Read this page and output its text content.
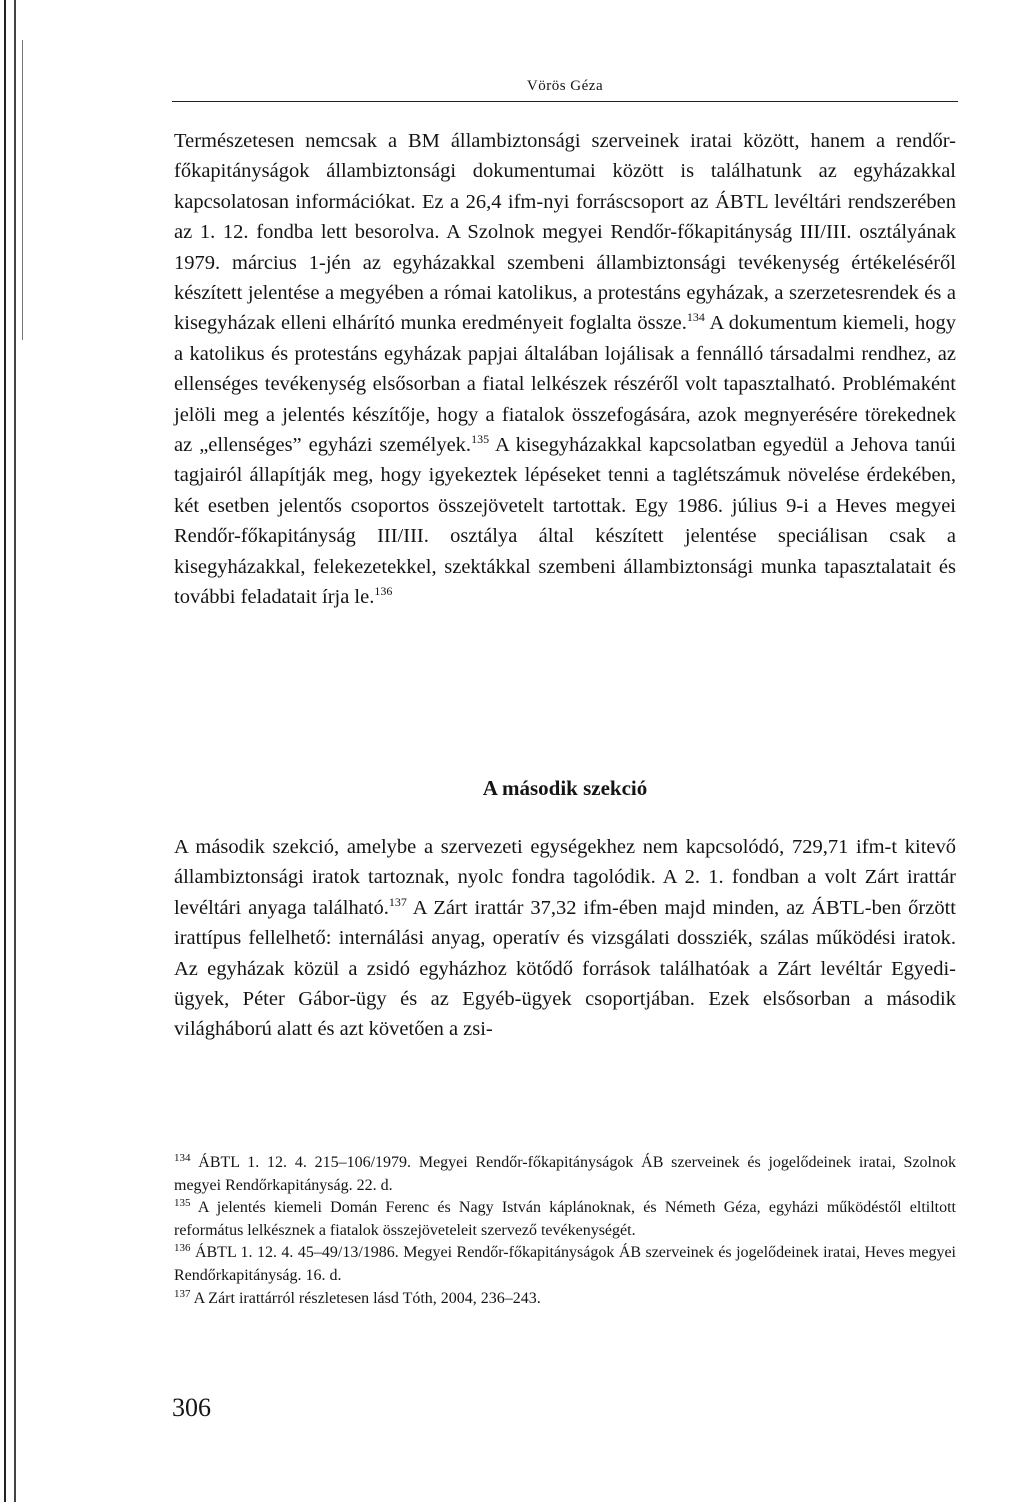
Vörös Géza
Természetesen nemcsak a BM állambiztonsági szerveinek iratai között, hanem a rendőr-főkapitányságok állambiztonsági dokumentumai között is találhatunk az egyházakkal kapcsolatosan információkat. Ez a 26,4 ifm-nyi forráscsoport az ÁBTL levéltári rendszerében az 1. 12. fondba lett besorolva. A Szolnok megyei Rendőr-főkapitányság III/III. osztályának 1979. március 1-jén az egyházakkal szembeni állambiztonsági tevékenység értékeléséről készített jelentése a megyében a római katolikus, a protestáns egyházak, a szerzetesrendek és a kisegyházak elleni elhárító munka eredményeit foglalta össze.$^{134}$ A dokumentum kiemeli, hogy a katolikus és protestáns egyházak papjai általában lojálisak a fennálló társadalmi rendhez, az ellenséges tevékenység elsősorban a fiatal lelkészek részéről volt tapasztalható. Problémaként jelöli meg a jelentés készítője, hogy a fiatalok összefogására, azok megnyerésére törekednek az „ellenséges” egyházi személyek.$^{135}$ A kisegyházakkal kapcsolatban egyedül a Jehova tanúi tagjairól állapítják meg, hogy igyekeztek lépéseket tenni a taglétszámuk növelése érdekében, két esetben jelentős csoportos összejövetelt tartottak. Egy 1986. július 9-i a Heves megyei Rendőr-főkapitányság III/III. osztálya által készített jelentése speciálisan csak a kisegyházakkal, felekezetekkel, szektákkal szembeni állambiztonsági munka tapasztalatait és további feladatait írja le.$^{136}$
A második szekció
A második szekció, amelybe a szervezeti egységekhez nem kapcsolódó, 729,71 ifm-t kitevő állambiztonsági iratok tartoznak, nyolc fondra tagolódik. A 2. 1. fondban a volt Zárt irattár levéltári anyaga található.$^{137}$ A Zárt irattár 37,32 ifm-ében majd minden, az ÁBTL-ben őrzött irattípus fellelhető: internálási anyag, operatív és vizsgálati dossziék, szálas működési iratok. Az egyházak közül a zsidó egyházhoz kötődő források találhatóak a Zárt levéltár Egyedi-ügyek, Péter Gábor-ügy és az Egyéb-ügyek csoportjában. Ezek elsősorban a második világháború alatt és azt követően a zsi-

$^{134}$ ÁBTL 1. 12. 4. 215–106/1979. Megyei Rendőr-főkapitányságok ÁB szerveinek és jogelődeinek iratai, Szolnok megyei Rendőrkapitányság. 22. d.

$^{135}$ A jelentés kiemeli Domán Ferenc és Nagy István káplánoknak, és Németh Géza, egyházi működéstől eltiltott református lelkésznek a fiatalok összejöveteleit szervező tevékenységét.

$^{136}$ ÁBTL 1. 12. 4. 45–49/13/1986. Megyei Rendőr-főkapitányságok ÁB szerveinek és jogelődeinek iratai, Heves megyei Rendőrkapitányság. 16. d.

$^{137}$ A Zárt irattárról részletesen lásd Tóth, 2004, 236–243.

306
